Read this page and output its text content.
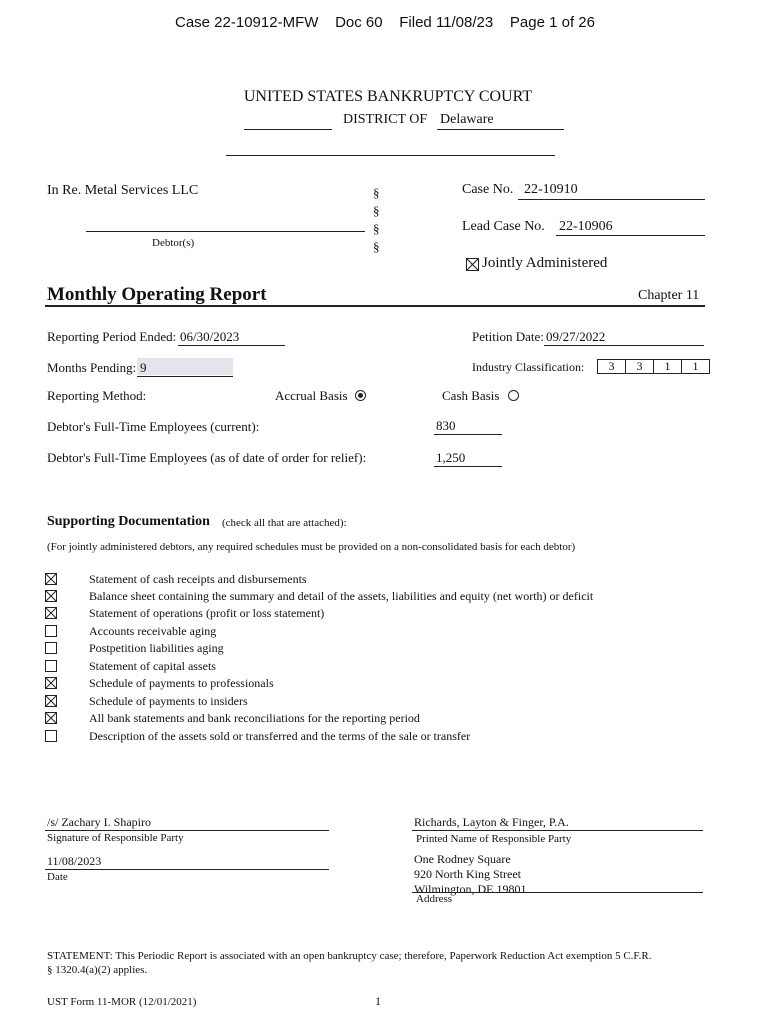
Case 22-10912-MFW Doc 60 Filed 11/08/23 Page 1 of 26
UNITED STATES BANKRUPTCY COURT
DISTRICT OF Delaware
In Re. Metal Services LLC
Debtor(s)
§
§
§
§
Case No. 22-10910
Lead Case No. 22-10906
Jointly Administered
Monthly Operating Report	Chapter 11
Reporting Period Ended: 06/30/2023	Petition Date: 09/27/2022
Months Pending: 9	Industry Classification:	3	3	1	1
Reporting Method:	Accrual Basis	Cash Basis
Debtor's Full-Time Employees (current):	830
Debtor's Full-Time Employees (as of date of order for relief):	1,250
Supporting Documentation (check all that are attached):
(For jointly administered debtors, any required schedules must be provided on a non-consolidated basis for each debtor)
Statement of cash receipts and disbursements
Balance sheet containing the summary and detail of the assets, liabilities and equity (net worth) or deficit
Statement of operations (profit or loss statement)
Accounts receivable aging
Postpetition liabilities aging
Statement of capital assets
Schedule of payments to professionals
Schedule of payments to insiders
All bank statements and bank reconciliations for the reporting period
Description of the assets sold or transferred and the terms of the sale or transfer
/s/ Zachary I. Shapiro
Signature of Responsible Party
11/08/2023
Date
Richards, Layton & Finger, P.A.
Printed Name of Responsible Party
One Rodney Square
920 North King Street
Wilmington, DE 19801
Address
STATEMENT: This Periodic Report is associated with an open bankruptcy case; therefore, Paperwork Reduction Act exemption 5 C.F.R.
§ 1320.4(a)(2) applies.
UST Form 11-MOR (12/01/2021)	1
